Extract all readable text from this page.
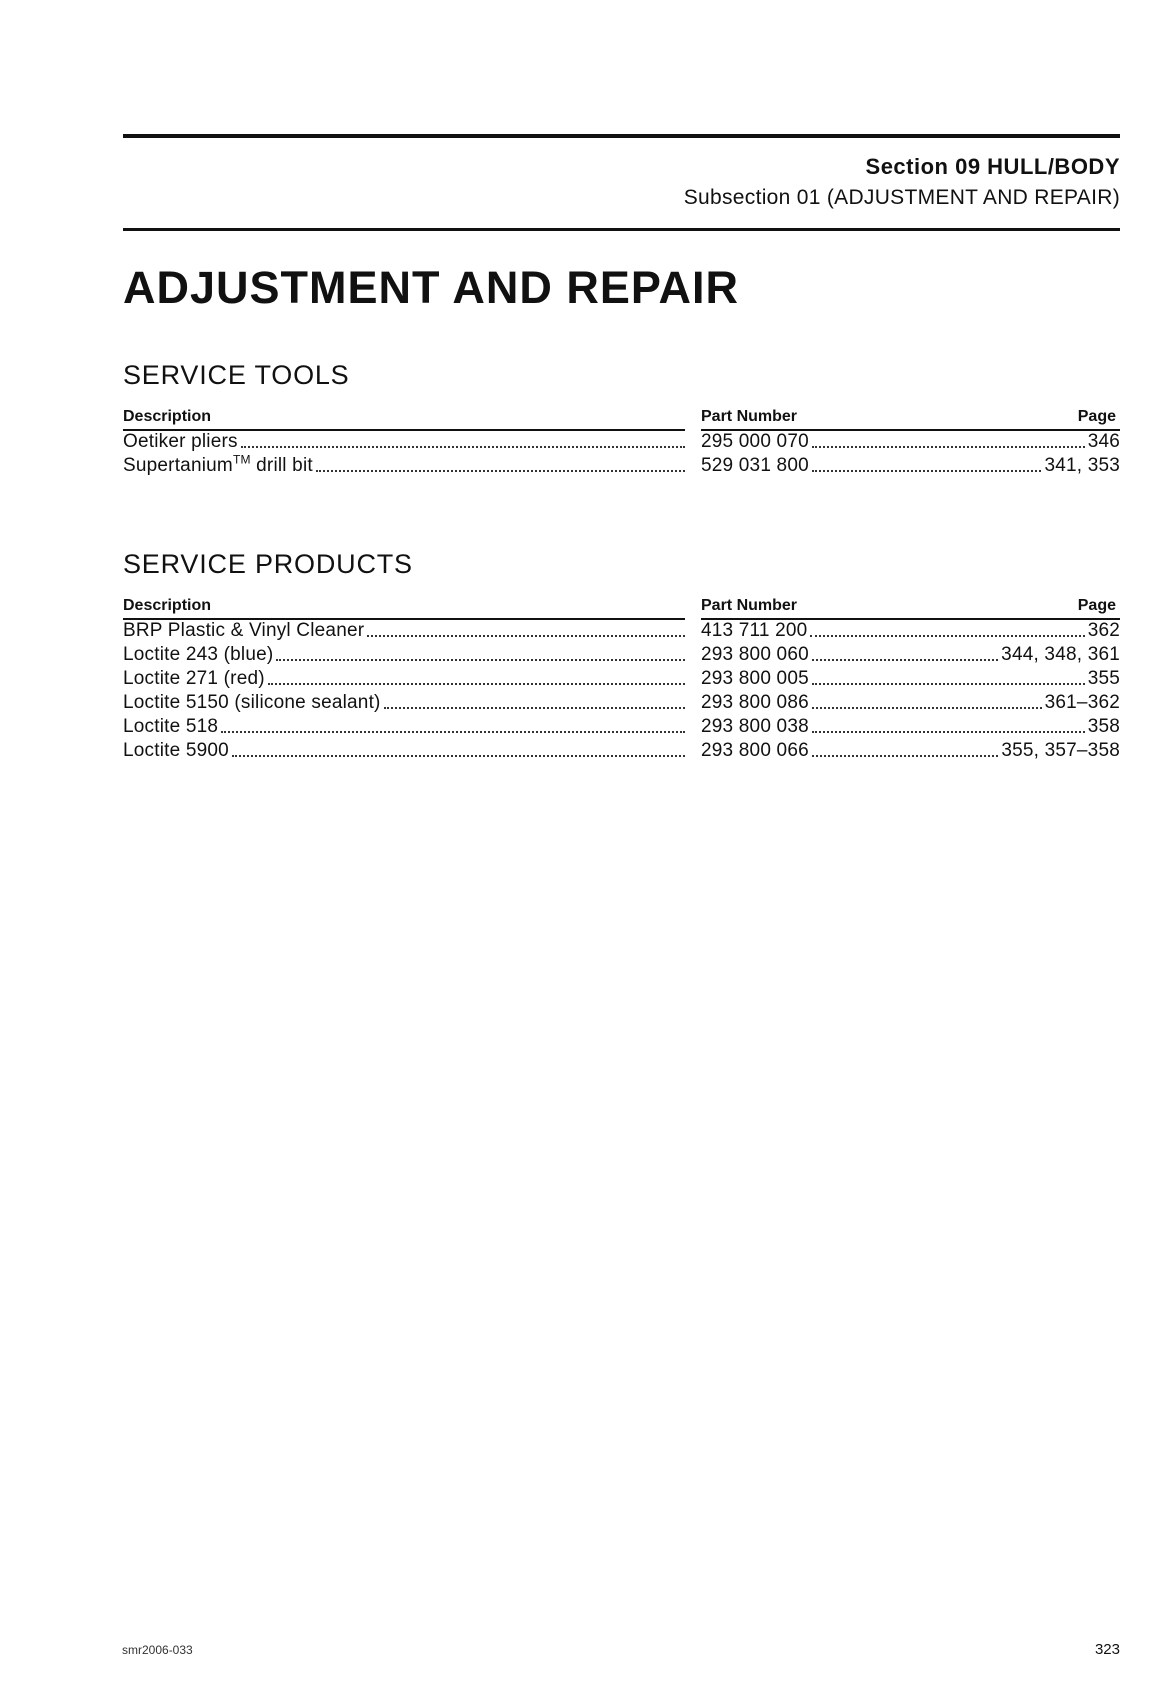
Section 09 HULL/BODY
Subsection 01 (ADJUSTMENT AND REPAIR)
ADJUSTMENT AND REPAIR
SERVICE TOOLS
Description	Part Number	Page
Oetiker pliers	295 000 070	346
Supertanium™ drill bit	529 031 800	341, 353
SERVICE PRODUCTS
Description	Part Number	Page
BRP Plastic & Vinyl Cleaner	413 711 200	362
Loctite 243 (blue)	293 800 060	344, 348, 361
Loctite 271 (red)	293 800 005	355
Loctite 5150 (silicone sealant)	293 800 086	361–362
Loctite 518	293 800 038	358
Loctite 5900	293 800 066	355, 357–358
smr2006-033	323
